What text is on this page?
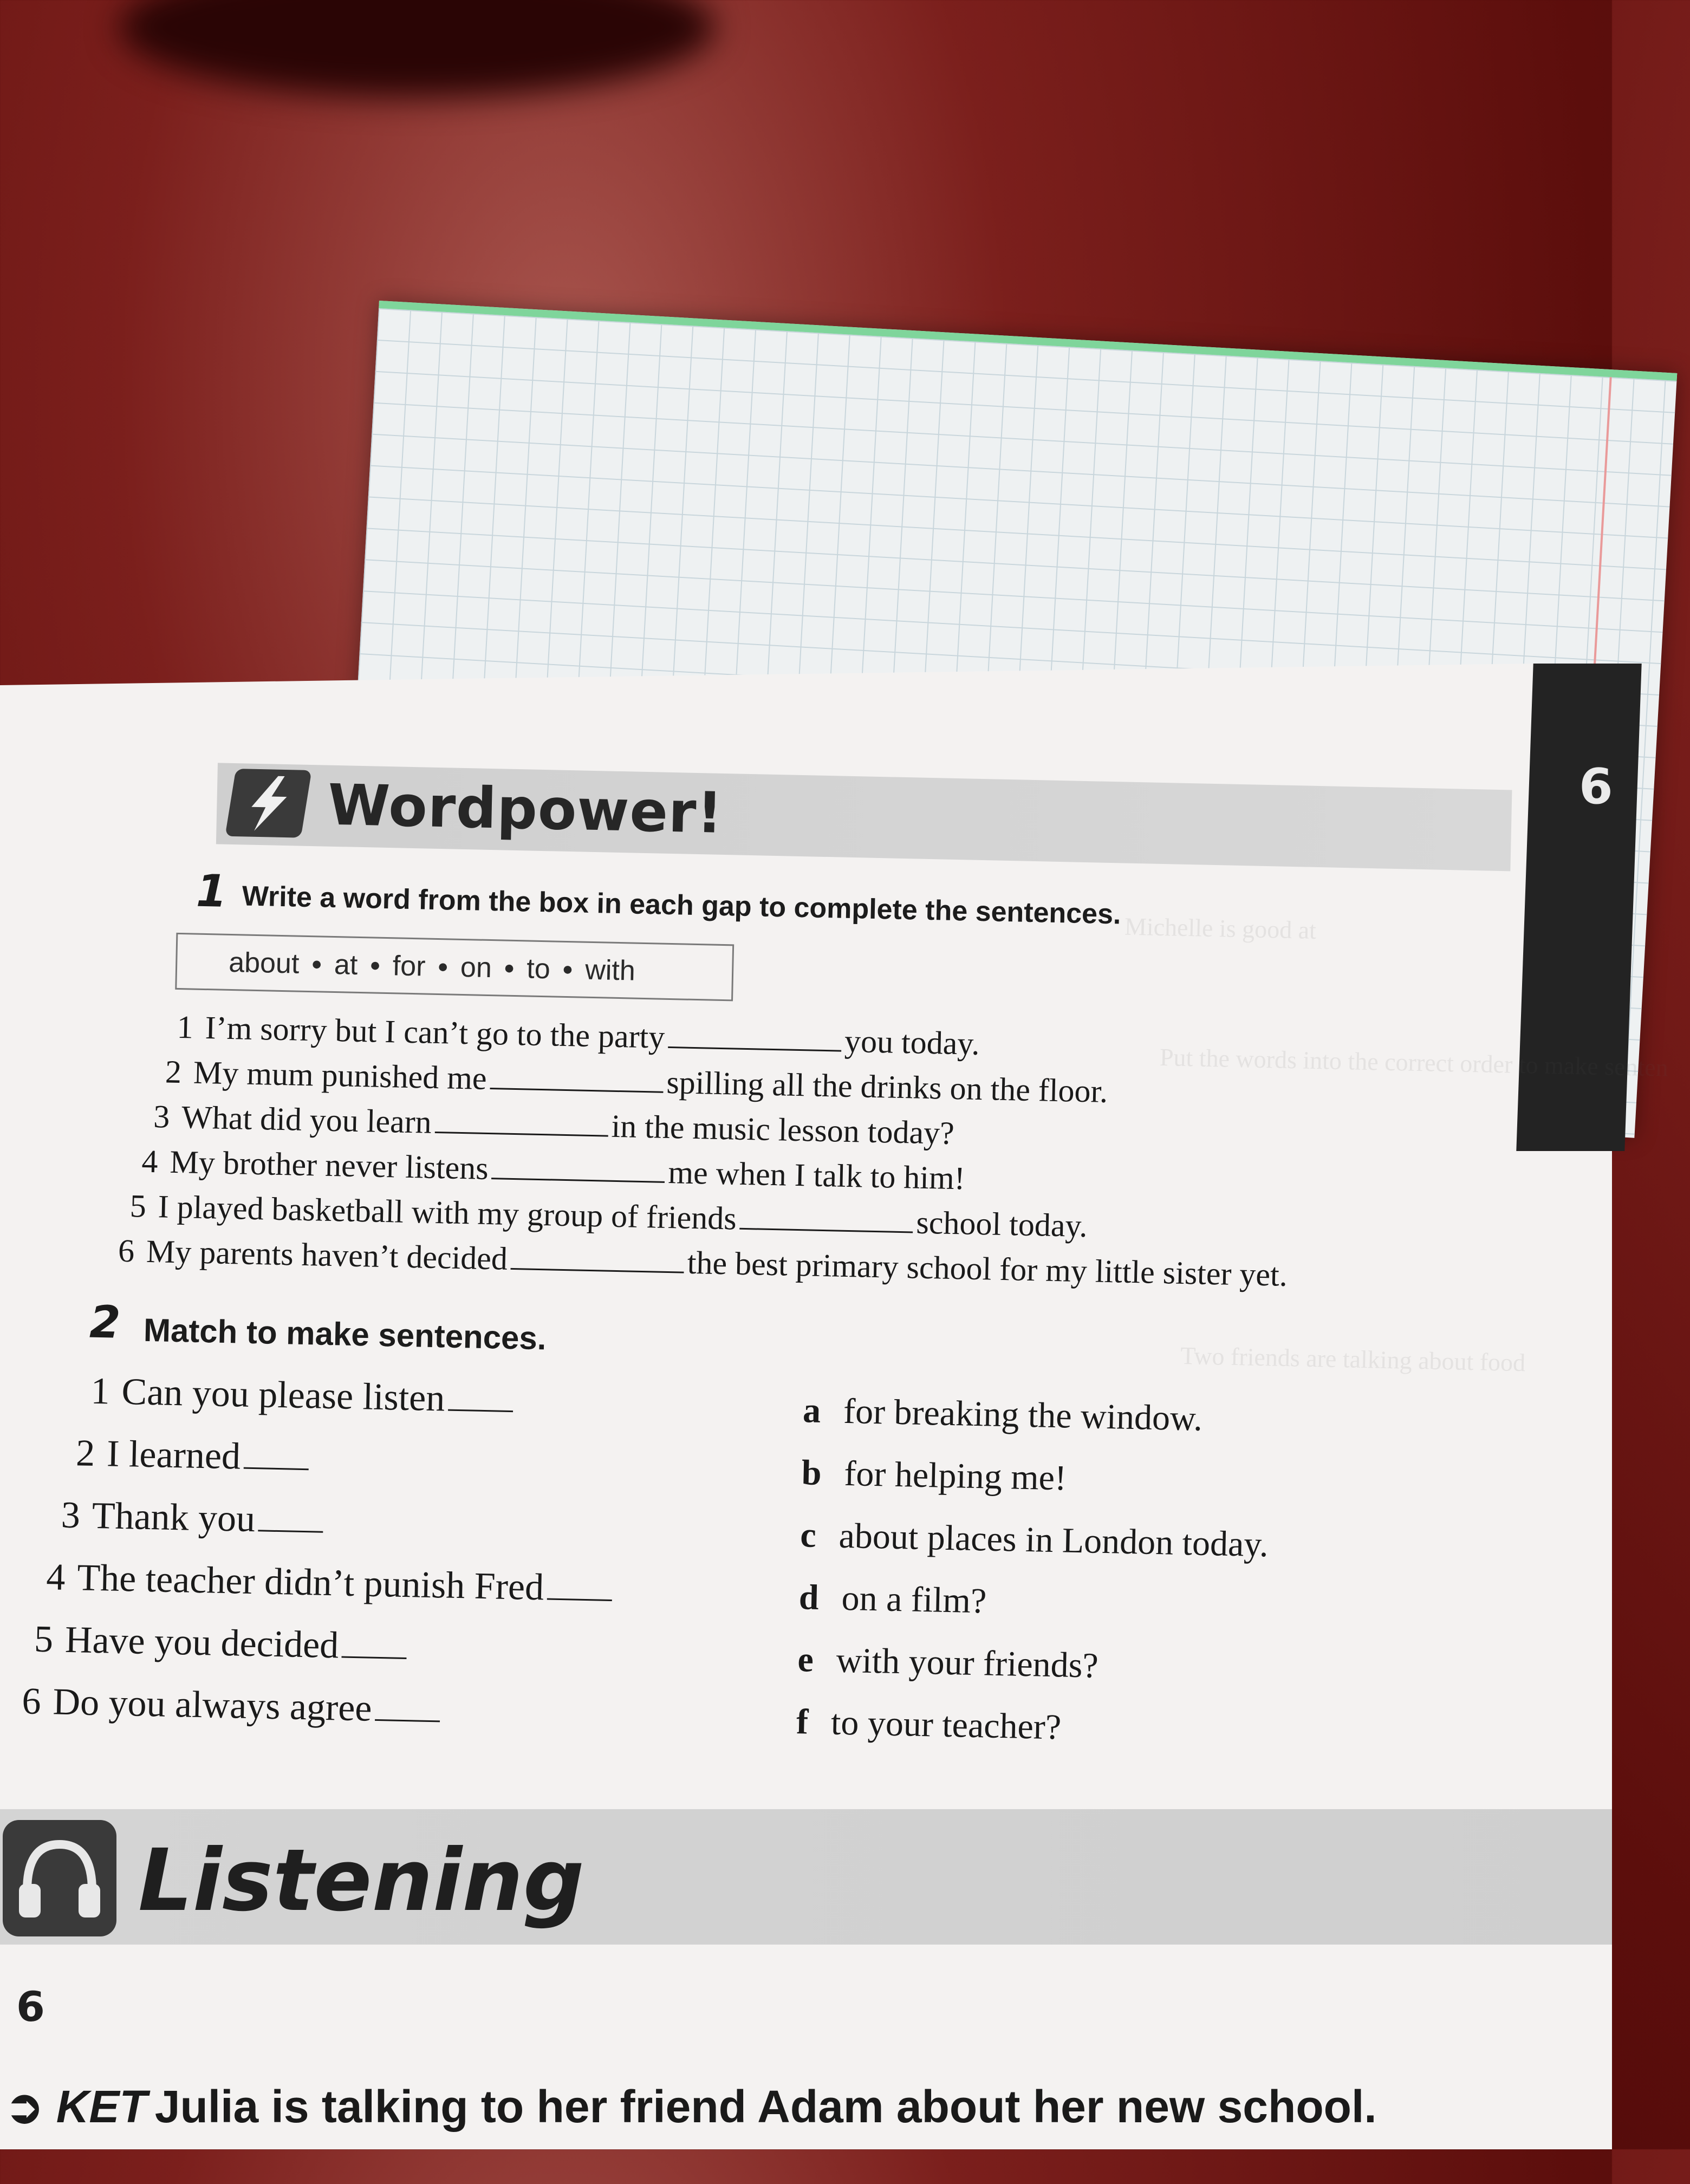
6
Michelle is good at
Put the words into the correct order to make senten
Two friends are talking about food
Wordpower!
1 Write a word from the box in each gap to complete the sentences.
about ● at ● for ● on ● to ● with
1 I’m sorry but I can’t go to the party	you today.
2 My mum punished me	spilling all the drinks on the floor.
3 What did you learn	in the music lesson today?
4 My brother never listens	me when I talk to him!
5 I played basketball with my group of friends	school today.
6 My parents haven’t decided	the best primary school for my little sister yet.
2 Match to make sentences.
1 Can you please listen
2 I learned
3 Thank you
4 The teacher didn’t punish Fred
5 Have you decided
6 Do you always agree
a for breaking the window.
b for helping me!
c about places in London today.
d on a film?
e with your friends?
f to your teacher?
Listening
6
➲ KET Julia is talking to her friend Adam about her new school.
